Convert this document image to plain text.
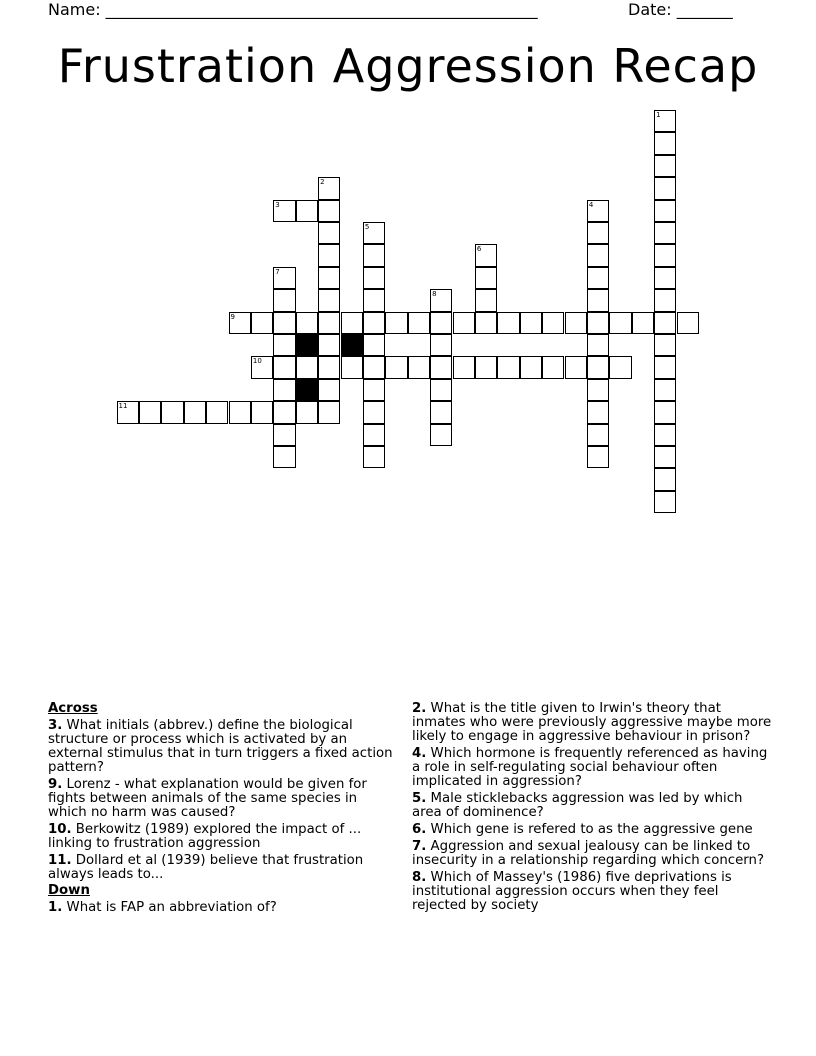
Name: ______________________________________________________	Date: _______
Frustration Aggression Recap
1
2
3	4
5
6
7
8
9
10
11
Across
3. What initials (abbrev.) define the biological structure or process which is activated by an external stimulus that in turn triggers a fixed action pattern?
9. Lorenz - what explanation would be given for fights between animals of the same species in which no harm was caused?
10. Berkowitz (1989) explored the impact of ... linking to frustration aggression
11. Dollard et al (1939) believe that frustration always leads to...
Down
1. What is FAP an abbreviation of?
2. What is the title given to Irwin's theory that inmates who were previously aggressive maybe more likely to engage in aggressive behaviour in prison?
4. Which hormone is frequently referenced as having a role in self-regulating social behaviour often implicated in aggression?
5. Male sticklebacks aggression was led by which area of dominence?
6. Which gene is refered to as the aggressive gene
7. Aggression and sexual jealousy can be linked to insecurity in a relationship regarding which concern?
8. Which of Massey's (1986) five deprivations is institutional aggression occurs when they feel rejected by society
